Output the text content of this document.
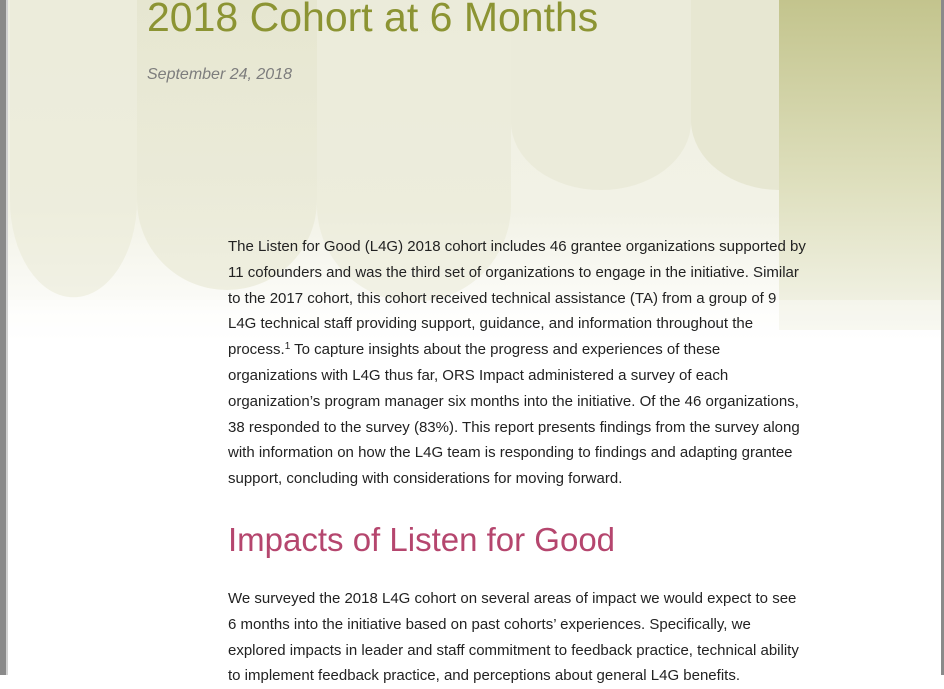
2018 Cohort at 6 Months
September 24, 2018

The Listen for Good (L4G) 2018 cohort includes 46 grantee organizations supported by 11 cofounders and was the third set of organizations to engage in the initiative. Similar to the 2017 cohort, this cohort received technical assistance (TA) from a group of 9 L4G technical staff providing support, guidance, and information throughout the process.$^1$ To capture insights about the progress and experiences of these organizations with L4G thus far, ORS Impact administered a survey of each organization’s program manager six months into the initiative. Of the 46 organizations, 38 responded to the survey (83%). This report presents findings from the survey along with information on how the L4G team is responding to findings and adapting grantee support, concluding with considerations for moving forward.

Impacts of Listen for Good

We surveyed the 2018 L4G cohort on several areas of impact we would expect to see 6 months into the initiative based on past cohorts’ experiences. Specifically, we explored impacts in leader and staff commitment to feedback practice, technical ability to implement feedback practice, and perceptions about general L4G benefits.
